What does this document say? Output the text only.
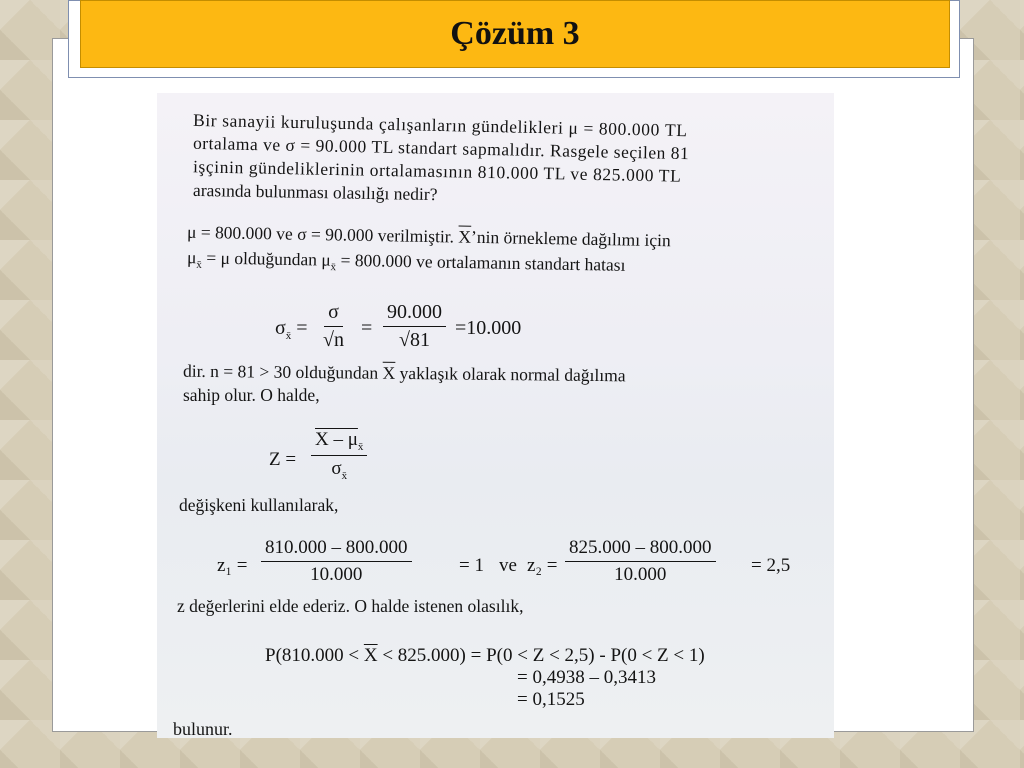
Çözüm 3
Bir sanayii kuruluşunda çalışanların gündelikleri μ = 800.000 TL
ortalama ve σ = 90.000 TL standart sapmalıdır. Rasgele seçilen 81
işçinin gündeliklerinin ortalamasının 810.000 TL ve 825.000 TL
arasında bulunması olasılığı nedir?
μ = 800.000 ve σ = 90.000 verilmiştir. $\overline{X}’nin$ örnekleme dağılımı için
$\mu_{x̄} = \mu$ olduğundan $\mu_{x̄} = 800.000$ ve ortalamanın standart hatası
$\sigma_{x̄} = \frac{\sigma}{√n} = \frac{90.000}{√81} =10.000$
dir. n = 81 > 30 olduğundan $\overline{X}$ yaklaşık olarak normal dağılıma
sahip olur. O halde,
$Z = \frac{X - \mu_{x̄}}{\sigma_{x̄}}$
değişkeni kullanılarak,
$z_1 = \frac{810.000 - 800.000}{10.000}$	= 1 ve $z_2 = \frac{825.000 - 800.000}{10.000} = 2,5$
z değerlerini elde ederiz. O halde istenen olasılık,
$P(810.000 < \overline{X} < 825.000) = P(0 < Z < 2,5) - P(0 < Z < 1)$
= 0,4938 – 0,3413
= 0,1525
bulunur.
